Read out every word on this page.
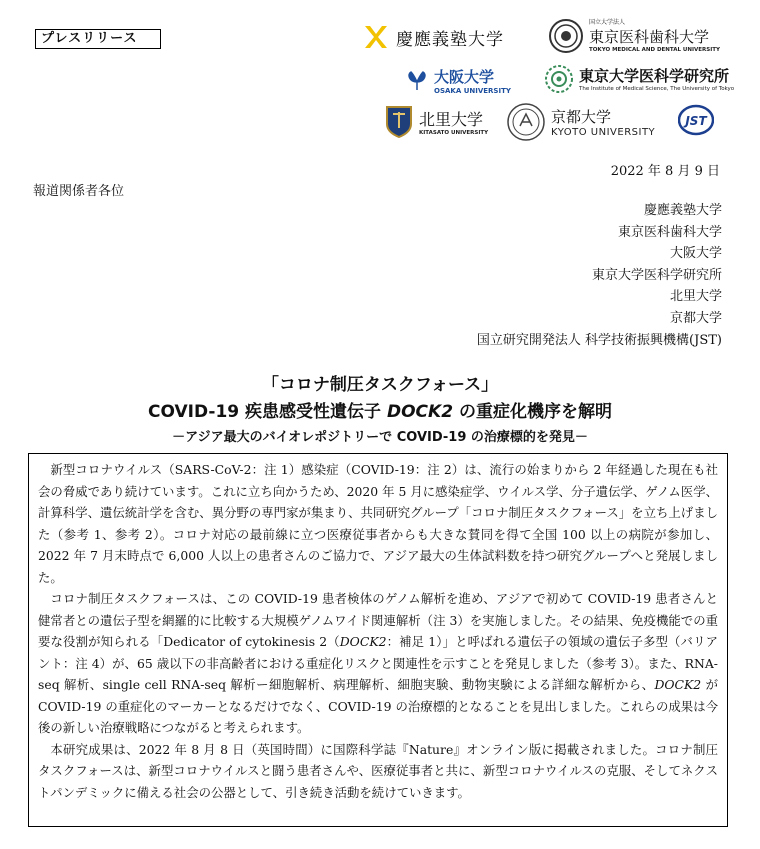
プレスリリース	慶應義塾大学
国立大学法人
東京医科歯科大学
TOKYO MEDICAL AND DENTAL UNIVERSITY
大阪大学
OSAKA UNIVERSITY
東京大学医科学研究所
The Institute of Medical Science, The University of Tokyo
北里大学
KITASATO UNIVERSITY
京都大学
KYOTO UNIVERSITY
JST
2022 年 8 月 9 日
報道関係者各位
慶應義塾大学
東京医科歯科大学
大阪大学
東京大学医科学研究所
北里大学
京都大学
国立研究開発法人 科学技術振興機構(JST)
「コロナ制圧タスクフォース」
COVID-19 疾患感受性遺伝子 DOCK2 の重症化機序を解明
－アジア最大のバイオレポジトリーで COVID-19 の治療標的を発見－

新型コロナウイルス（SARS-CoV-2：注 1）感染症（COVID-19：注 2）は、流行の始まりから 2 年経過した現在も社会の脅威であり続けています。これに立ち向かうため、2020 年 5 月に感染症学、ウイルス学、分子遺伝学、ゲノム医学、計算科学、遺伝統計学を含む、異分野の専門家が集まり、共同研究グループ「コロナ制圧タスクフォース」を立ち上げました（参考 1、参考 2）。コロナ対応の最前線に立つ医療従事者からも大きな賛同を得て全国 100 以上の病院が参加し、2022 年 7 月末時点で 6,000 人以上の患者さんのご協力で、アジア最大の生体試料数を持つ研究グループへと発展しました。

コロナ制圧タスクフォースは、この COVID-19 患者検体のゲノム解析を進め、アジアで初めて COVID-19 患者さんと健常者との遺伝子型を網羅的に比較する大規模ゲノムワイド関連解析（注 3）を実施しました。その結果、免疫機能での重要な役割が知られる「Dedicator of cytokinesis 2（DOCK2：補足 1）」と呼ばれる遺伝子の領域の遺伝子多型（バリアント：注 4）が、65 歳以下の非高齢者における重症化リスクと関連性を示すことを発見しました（参考 3）。また、RNA-seq 解析、single cell RNA-seq 解析ー細胞解析、病理解析、細胞実験、動物実験による詳細な解析から、DOCK2 が COVID-19 の重症化のマーカーとなるだけでなく、COVID-19 の治療標的となることを見出しました。これらの成果は今後の新しい治療戦略につながると考えられます。

本研究成果は、2022 年 8 月 8 日（英国時間）に国際科学誌『Nature』オンライン版に掲載されました。コロナ制圧タスクフォースは、新型コロナウイルスと闘う患者さんや、医療従事者と共に、新型コロナウイルスの克服、そしてネクストパンデミックに備える社会の公器として、引き続き活動を続けていきます。
